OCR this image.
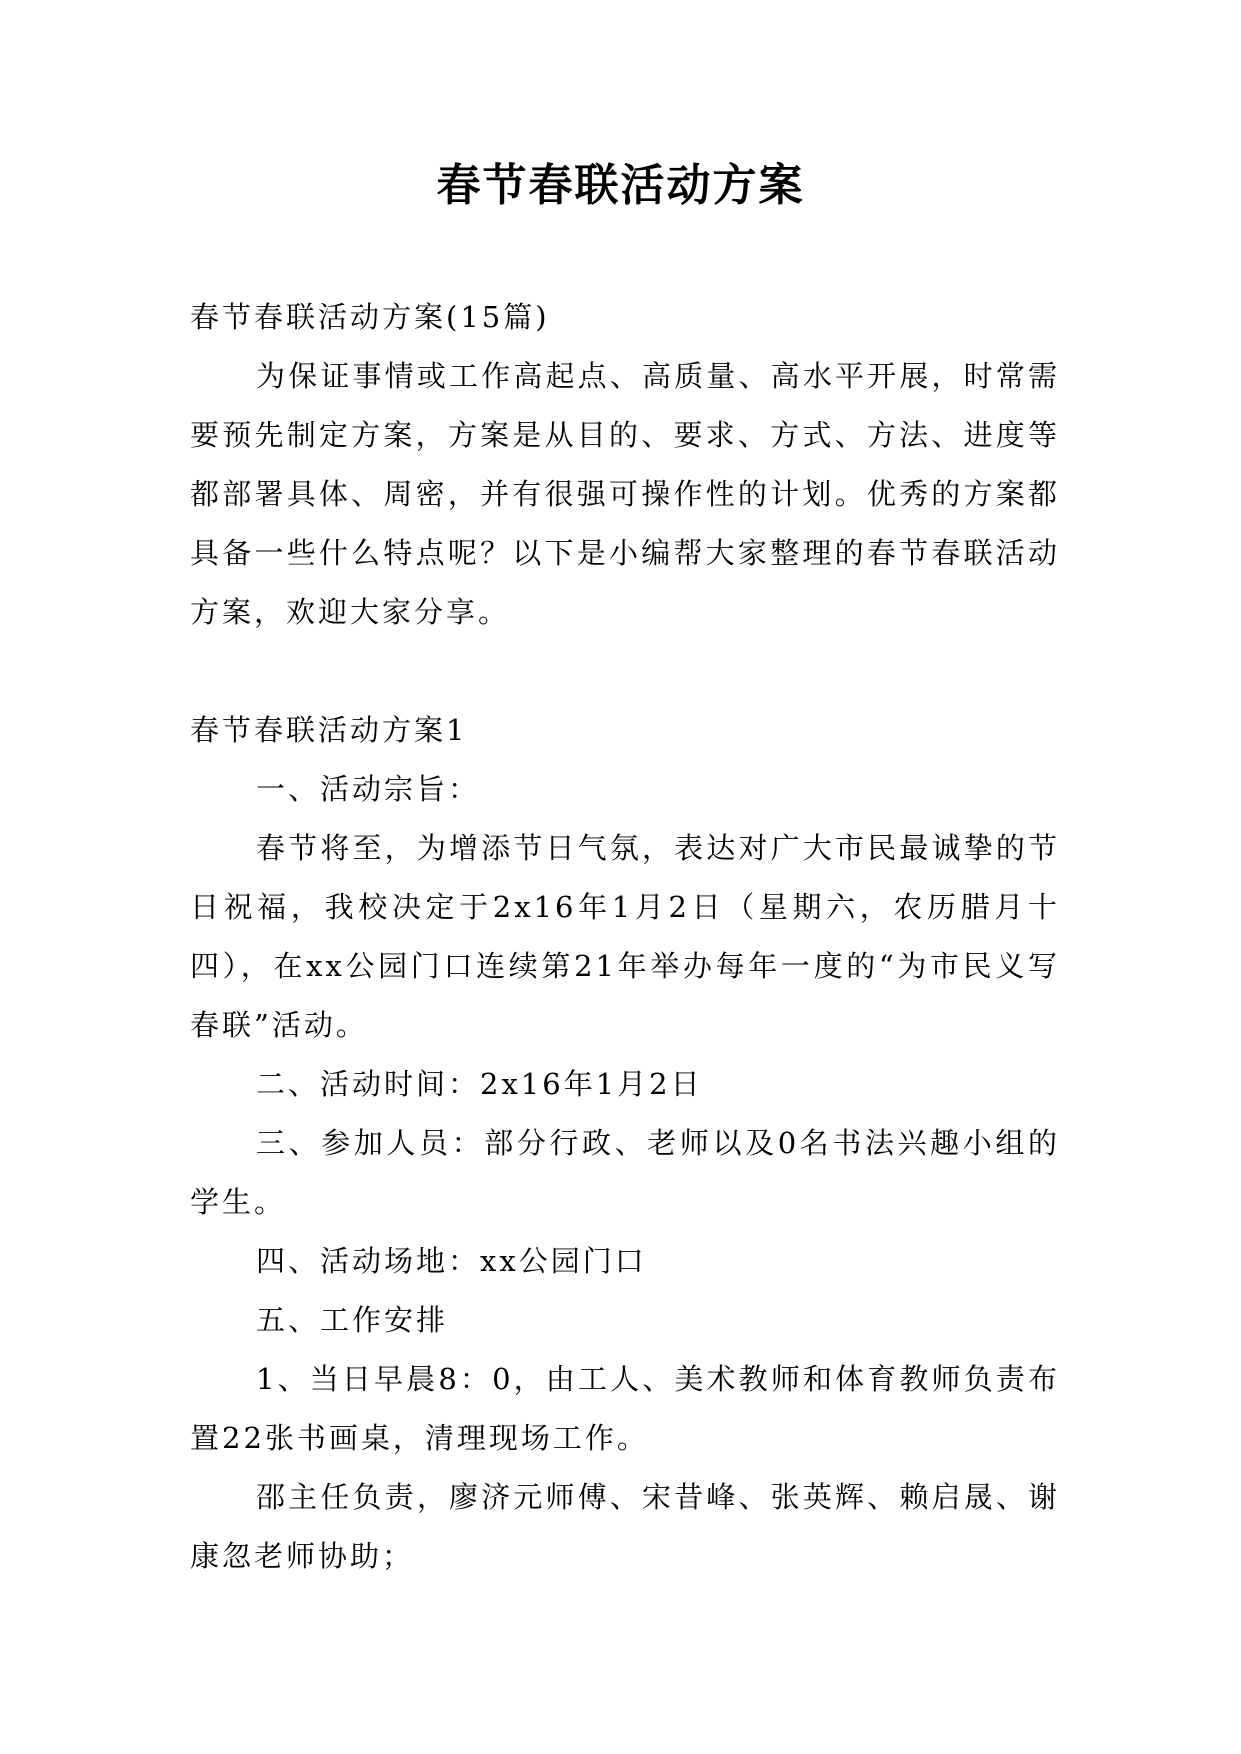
春节春联活动方案

春节春联活动方案(15篇)

为保证事情或工作高起点、高质量、高水平开展，时常需要预先制定方案，方案是从目的、要求、方式、方法、进度等都部署具体、周密，并有很强可操作性的计划。优秀的方案都具备一些什么特点呢？以下是小编帮大家整理的春节春联活动方案，欢迎大家分享。

春节春联活动方案1

一、活动宗旨：

春节将至，为增添节日气氛，表达对广大市民最诚挚的节日祝福，我校决定于2x16年1月2日（星期六，农历腊月十四），在xx公园门口连续第21年举办每年一度的“为市民义写春联”活动。

二、活动时间：2x16年1月2日

三、参加人员：部分行政、老师以及0名书法兴趣小组的学生。

四、活动场地：xx公园门口

五、工作安排

1、当日早晨8：0，由工人、美术教师和体育教师负责布置22张书画桌，清理现场工作。

邵主任负责，廖济元师傅、宋昔峰、张英辉、赖启晟、谢康忽老师协助；
